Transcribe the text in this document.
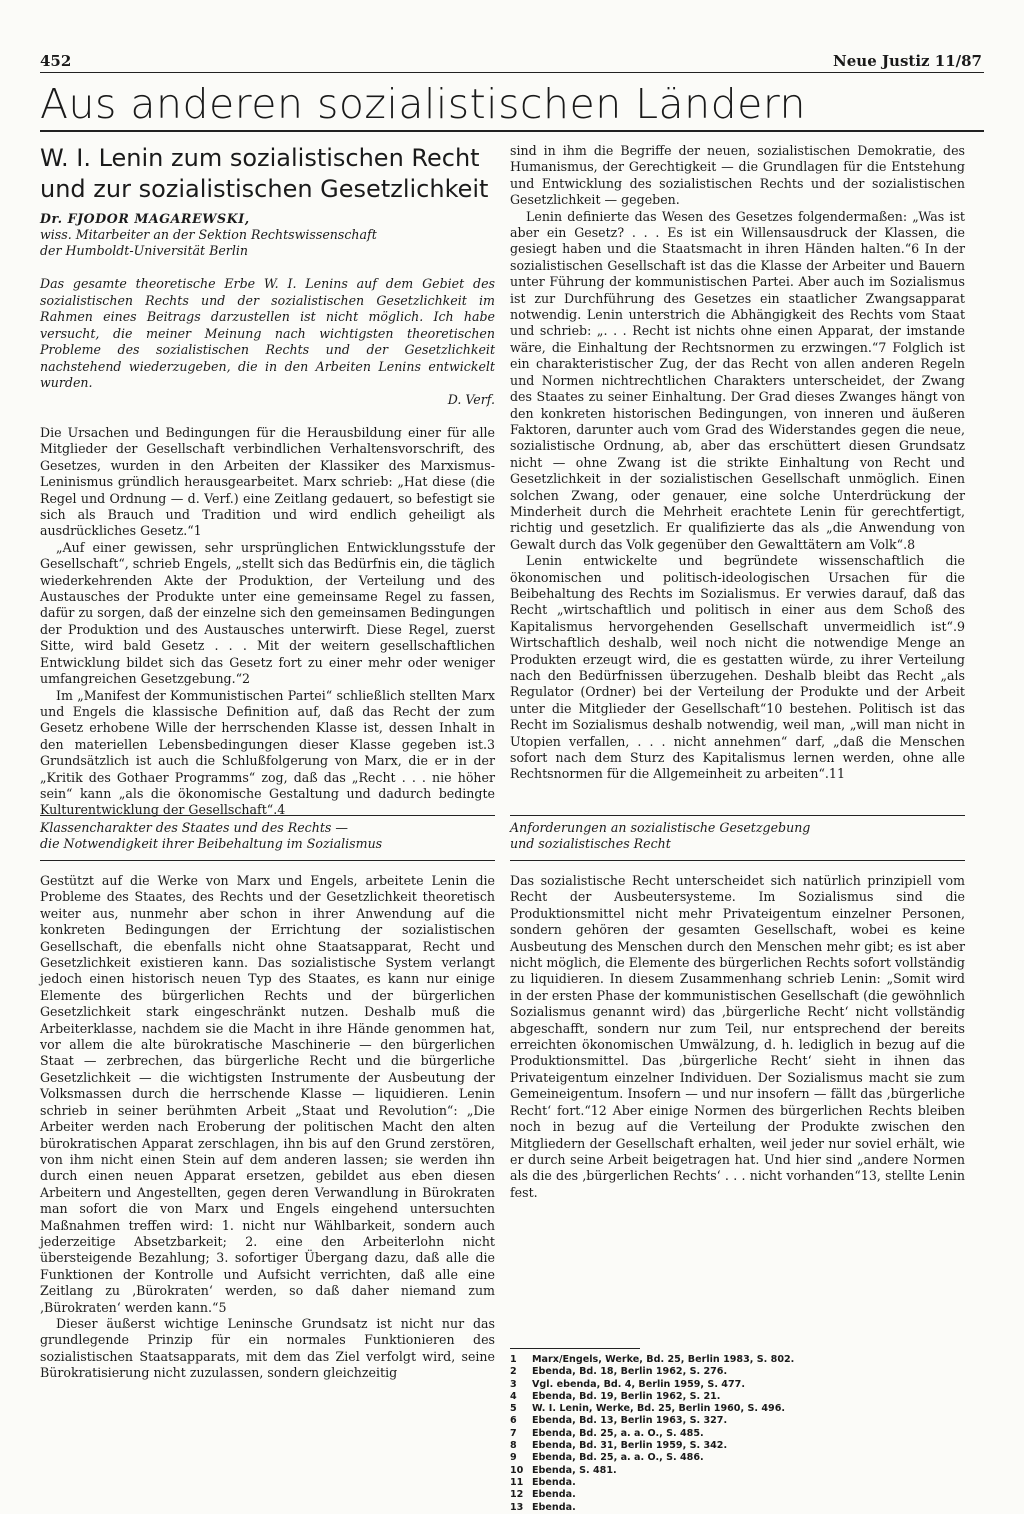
452	Neue Justiz 11/87
Aus anderen sozialistischen Ländern
W. I. Lenin zum sozialistischen Recht
und zur sozialistischen Gesetzlichkeit
Dr. FJODOR MAGAREWSKI,
wiss. Mitarbeiter an der Sektion Rechtswissenschaft
der Humboldt-Universität Berlin
Das gesamte theoretische Erbe W. I. Lenins auf dem Gebiet des sozialistischen Rechts und der sozialistischen Gesetzlichkeit im Rahmen eines Beitrags darzustellen ist nicht möglich. Ich habe versucht, die meiner Meinung nach wichtigsten theoretischen Probleme des sozialistischen Rechts und der Gesetzlichkeit nachstehend wiederzugeben, die in den Arbeiten Lenins entwickelt wurden.
D. Verf.

Die Ursachen und Bedingungen für die Herausbildung einer für alle Mitglieder der Gesellschaft verbindlichen Verhaltensvorschrift, des Gesetzes, wurden in den Arbeiten der Klassiker des Marxismus-Leninismus gründlich herausgearbeitet. Marx schrieb: „Hat diese (die Regel und Ordnung — d. Verf.) eine Zeitlang gedauert, so befestigt sie sich als Brauch und Tradition und wird endlich geheiligt als ausdrückliches Gesetz.“1

„Auf einer gewissen, sehr ursprünglichen Entwicklungsstufe der Gesellschaft“, schrieb Engels, „stellt sich das Bedürfnis ein, die täglich wiederkehrenden Akte der Produktion, der Verteilung und des Austausches der Produkte unter eine gemeinsame Regel zu fassen, dafür zu sorgen, daß der einzelne sich den gemeinsamen Bedingungen der Produktion und des Austausches unterwirft. Diese Regel, zuerst Sitte, wird bald Gesetz . . . Mit der weitern gesellschaftlichen Entwicklung bildet sich das Gesetz fort zu einer mehr oder weniger umfangreichen Gesetzgebung.“2

Im „Manifest der Kommunistischen Partei“ schließlich stellten Marx und Engels die klassische Definition auf, daß das Recht der zum Gesetz erhobene Wille der herrschenden Klasse ist, dessen Inhalt in den materiellen Lebensbedingungen dieser Klasse gegeben ist.3 Grundsätzlich ist auch die Schlußfolgerung von Marx, die er in der „Kritik des Gothaer Programms“ zog, daß das „Recht . . . nie höher sein“ kann „als die ökonomische Gestaltung und dadurch bedingte Kulturentwicklung der Gesellschaft“.4

Klassencharakter des Staates und des Rechts —
die Notwendigkeit ihrer Beibehaltung im Sozialismus

Gestützt auf die Werke von Marx und Engels, arbeitete Lenin die Probleme des Staates, des Rechts und der Gesetzlichkeit theoretisch weiter aus, nunmehr aber schon in ihrer Anwendung auf die konkreten Bedingungen der Errichtung der sozialistischen Gesellschaft, die ebenfalls nicht ohne Staatsapparat, Recht und Gesetzlichkeit existieren kann. Das sozialistische System verlangt jedoch einen historisch neuen Typ des Staates, es kann nur einige Elemente des bürgerlichen Rechts und der bürgerlichen Gesetzlichkeit stark eingeschränkt nutzen. Deshalb muß die Arbeiterklasse, nachdem sie die Macht in ihre Hände genommen hat, vor allem die alte bürokratische Maschinerie — den bürgerlichen Staat — zerbrechen, das bürgerliche Recht und die bürgerliche Gesetzlichkeit — die wichtigsten Instrumente der Ausbeutung der Volksmassen durch die herrschende Klasse — liquidieren. Lenin schrieb in seiner berühmten Arbeit „Staat und Revolution“: „Die Arbeiter werden nach Eroberung der politischen Macht den alten bürokratischen Apparat zerschlagen, ihn bis auf den Grund zerstören, von ihm nicht einen Stein auf dem anderen lassen; sie werden ihn durch einen neuen Apparat ersetzen, gebildet aus eben diesen Arbeitern und Angestellten, gegen deren Verwandlung in Bürokraten man sofort die von Marx und Engels eingehend untersuchten Maßnahmen treffen wird: 1. nicht nur Wählbarkeit, sondern auch jederzeitige Absetzbarkeit; 2. eine den Arbeiterlohn nicht übersteigende Bezahlung; 3. sofortiger Übergang dazu, daß alle die Funktionen der Kontrolle und Aufsicht verrichten, daß alle eine Zeitlang zu ‚Bürokraten‘ werden, so daß daher niemand zum ‚Bürokraten‘ werden kann.“5

Dieser äußerst wichtige Leninsche Grundsatz ist nicht nur das grundlegende Prinzip für ein normales Funktionieren des sozialistischen Staatsapparats, mit dem das Ziel verfolgt wird, seine Bürokratisierung nicht zuzulassen, sondern gleichzeitig

sind in ihm die Begriffe der neuen, sozialistischen Demokratie, des Humanismus, der Gerechtigkeit — die Grundlagen für die Entstehung und Entwicklung des sozialistischen Rechts und der sozialistischen Gesetzlichkeit — gegeben.

Lenin definierte das Wesen des Gesetzes folgendermaßen: „Was ist aber ein Gesetz? . . . Es ist ein Willensausdruck der Klassen, die gesiegt haben und die Staatsmacht in ihren Händen halten.“6 In der sozialistischen Gesellschaft ist das die Klasse der Arbeiter und Bauern unter Führung der kommunistischen Partei. Aber auch im Sozialismus ist zur Durchführung des Gesetzes ein staatlicher Zwangsapparat notwendig. Lenin unterstrich die Abhängigkeit des Rechts vom Staat und schrieb: „. . . Recht ist nichts ohne einen Apparat, der imstande wäre, die Einhaltung der Rechtsnormen zu erzwingen.“7 Folglich ist ein charakteristischer Zug, der das Recht von allen anderen Regeln und Normen nichtrechtlichen Charakters unterscheidet, der Zwang des Staates zu seiner Einhaltung. Der Grad dieses Zwanges hängt von den konkreten historischen Bedingungen, von inneren und äußeren Faktoren, darunter auch vom Grad des Widerstandes gegen die neue, sozialistische Ordnung, ab, aber das erschüttert diesen Grundsatz nicht — ohne Zwang ist die strikte Einhaltung von Recht und Gesetzlichkeit in der sozialistischen Gesellschaft unmöglich. Einen solchen Zwang, oder genauer, eine solche Unterdrückung der Minderheit durch die Mehrheit erachtete Lenin für gerechtfertigt, richtig und gesetzlich. Er qualifizierte das als „die Anwendung von Gewalt durch das Volk gegenüber den Gewalttätern am Volk“.8

Lenin entwickelte und begründete wissenschaftlich die ökonomischen und politisch-ideologischen Ursachen für die Beibehaltung des Rechts im Sozialismus. Er verwies darauf, daß das Recht „wirtschaftlich und politisch in einer aus dem Schoß des Kapitalismus hervorgehenden Gesellschaft unvermeidlich ist“.9 Wirtschaftlich deshalb, weil noch nicht die notwendige Menge an Produkten erzeugt wird, die es gestatten würde, zu ihrer Verteilung nach den Bedürfnissen überzugehen. Deshalb bleibt das Recht „als Regulator (Ordner) bei der Verteilung der Produkte und der Arbeit unter die Mitglieder der Gesellschaft“10 bestehen. Politisch ist das Recht im Sozialismus deshalb notwendig, weil man, „will man nicht in Utopien verfallen, . . . nicht annehmen“ darf, „daß die Menschen sofort nach dem Sturz des Kapitalismus lernen werden, ohne alle Rechtsnormen für die Allgemeinheit zu arbeiten“.11

Anforderungen an sozialistische Gesetzgebung
und sozialistisches Recht

Das sozialistische Recht unterscheidet sich natürlich prinzipiell vom Recht der Ausbeutersysteme. Im Sozialismus sind die Produktionsmittel nicht mehr Privateigentum einzelner Personen, sondern gehören der gesamten Gesellschaft, wobei es keine Ausbeutung des Menschen durch den Menschen mehr gibt; es ist aber nicht möglich, die Elemente des bürgerlichen Rechts sofort vollständig zu liquidieren. In diesem Zusammenhang schrieb Lenin: „Somit wird in der ersten Phase der kommunistischen Gesellschaft (die gewöhnlich Sozialismus genannt wird) das ‚bürgerliche Recht‘ nicht vollständig abgeschafft, sondern nur zum Teil, nur entsprechend der bereits erreichten ökonomischen Umwälzung, d. h. lediglich in bezug auf die Produktionsmittel. Das ‚bürgerliche Recht‘ sieht in ihnen das Privateigentum einzelner Individuen. Der Sozialismus macht sie zum Gemeineigentum. Insofern — und nur insofern — fällt das ‚bürgerliche Recht‘ fort.“12 Aber einige Normen des bürgerlichen Rechts bleiben noch in bezug auf die Verteilung der Produkte zwischen den Mitgliedern der Gesellschaft erhalten, weil jeder nur soviel erhält, wie er durch seine Arbeit beigetragen hat. Und hier sind „andere Normen als die des ‚bürgerlichen Rechts‘ . . . nicht vorhanden“13, stellte Lenin fest.

1 Marx/Engels, Werke, Bd. 25, Berlin 1983, S. 802.
2 Ebenda, Bd. 18, Berlin 1962, S. 276.
3 Vgl. ebenda, Bd. 4, Berlin 1959, S. 477.
4 Ebenda, Bd. 19, Berlin 1962, S. 21.
5 W. I. Lenin, Werke, Bd. 25, Berlin 1960, S. 496.
6 Ebenda, Bd. 13, Berlin 1963, S. 327.
7 Ebenda, Bd. 25, a. a. O., S. 485.
8 Ebenda, Bd. 31, Berlin 1959, S. 342.
9 Ebenda, Bd. 25, a. a. O., S. 486.
10 Ebenda, S. 481.
11 Ebenda.
12 Ebenda.
13 Ebenda.
